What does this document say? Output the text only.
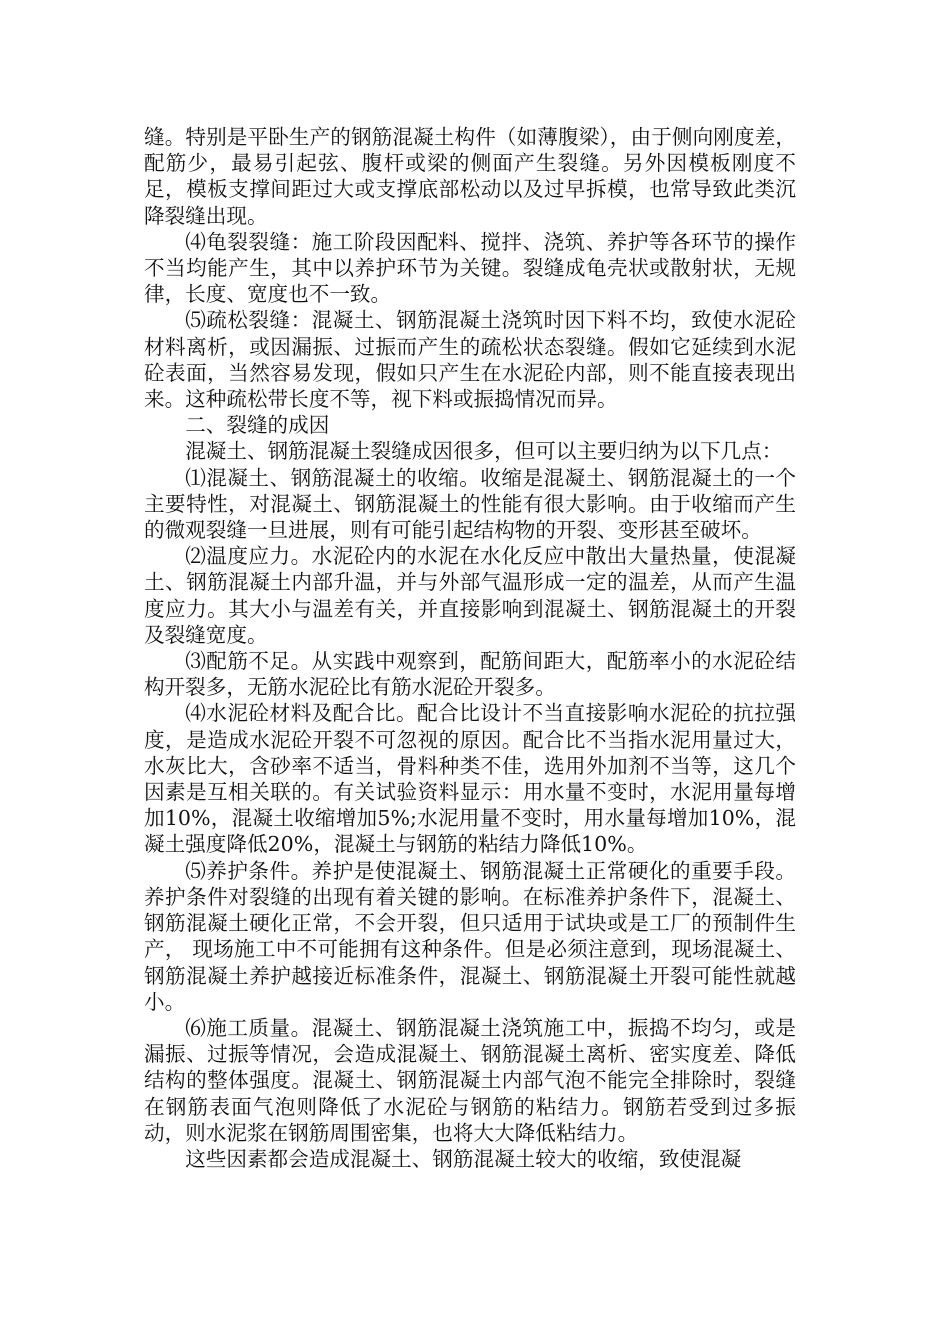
缝。特别是平卧生产的钢筋混凝土构件（如薄腹梁），由于侧向刚度差，配筋少，最易引起弦、腹杆或梁的侧面产生裂缝。另外因模板刚度不足，模板支撑间距过大或支撑底部松动以及过早拆模，也常导致此类沉降裂缝出现。

⑷龟裂裂缝：施工阶段因配料、搅拌、浇筑、养护等各环节的操作不当均能产生，其中以养护环节为关键。裂缝成龟壳状或散射状，无规律，长度、宽度也不一致。

⑸疏松裂缝：混凝土、钢筋混凝土浇筑时因下料不均，致使水泥砼材料离析，或因漏振、过振而产生的疏松状态裂缝。假如它延续到水泥砼表面，当然容易发现，假如只产生在水泥砼内部，则不能直接表现出来。这种疏松带长度不等，视下料或振捣情况而异。

二、裂缝的成因

混凝土、钢筋混凝土裂缝成因很多，但可以主要归纳为以下几点：

⑴混凝土、钢筋混凝土的收缩。收缩是混凝土、钢筋混凝土的一个主要特性，对混凝土、钢筋混凝土的性能有很大影响。由于收缩而产生的微观裂缝一旦进展，则有可能引起结构物的开裂、变形甚至破坏。

⑵温度应力。水泥砼内的水泥在水化反应中散出大量热量，使混凝土、钢筋混凝土内部升温，并与外部气温形成一定的温差，从而产生温度应力。其大小与温差有关，并直接影响到混凝土、钢筋混凝土的开裂及裂缝宽度。

⑶配筋不足。从实践中观察到，配筋间距大，配筋率小的水泥砼结构开裂多，无筋水泥砼比有筋水泥砼开裂多。

⑷水泥砼材料及配合比。配合比设计不当直接影响水泥砼的抗拉强度，是造成水泥砼开裂不可忽视的原因。配合比不当指水泥用量过大，水灰比大，含砂率不适当，骨料种类不佳，选用外加剂不当等，这几个因素是互相关联的。有关试验资料显示：用水量不变时，水泥用量每增加10%，混凝土收缩增加5%;水泥用量不变时，用水量每增加10%，混凝土强度降低20%，混凝土与钢筋的粘结力降低10%。

⑸养护条件。养护是使混凝土、钢筋混凝土正常硬化的重要手段。养护条件对裂缝的出现有着关键的影响。在标准养护条件下，混凝土、钢筋混凝土硬化正常，不会开裂，但只适用于试块或是工厂的预制件生产， 现场施工中不可能拥有这种条件。但是必须注意到，现场混凝土、钢筋混凝土养护越接近标准条件，混凝土、钢筋混凝土开裂可能性就越小。

⑹施工质量。混凝土、钢筋混凝土浇筑施工中，振捣不均匀，或是漏振、过振等情况，会造成混凝土、钢筋混凝土离析、密实度差、降低结构的整体强度。混凝土、钢筋混凝土内部气泡不能完全排除时，裂缝在钢筋表面气泡则降低了水泥砼与钢筋的粘结力。钢筋若受到过多振动，则水泥浆在钢筋周围密集，也将大大降低粘结力。

这些因素都会造成混凝土、钢筋混凝土较大的收缩，致使混凝
